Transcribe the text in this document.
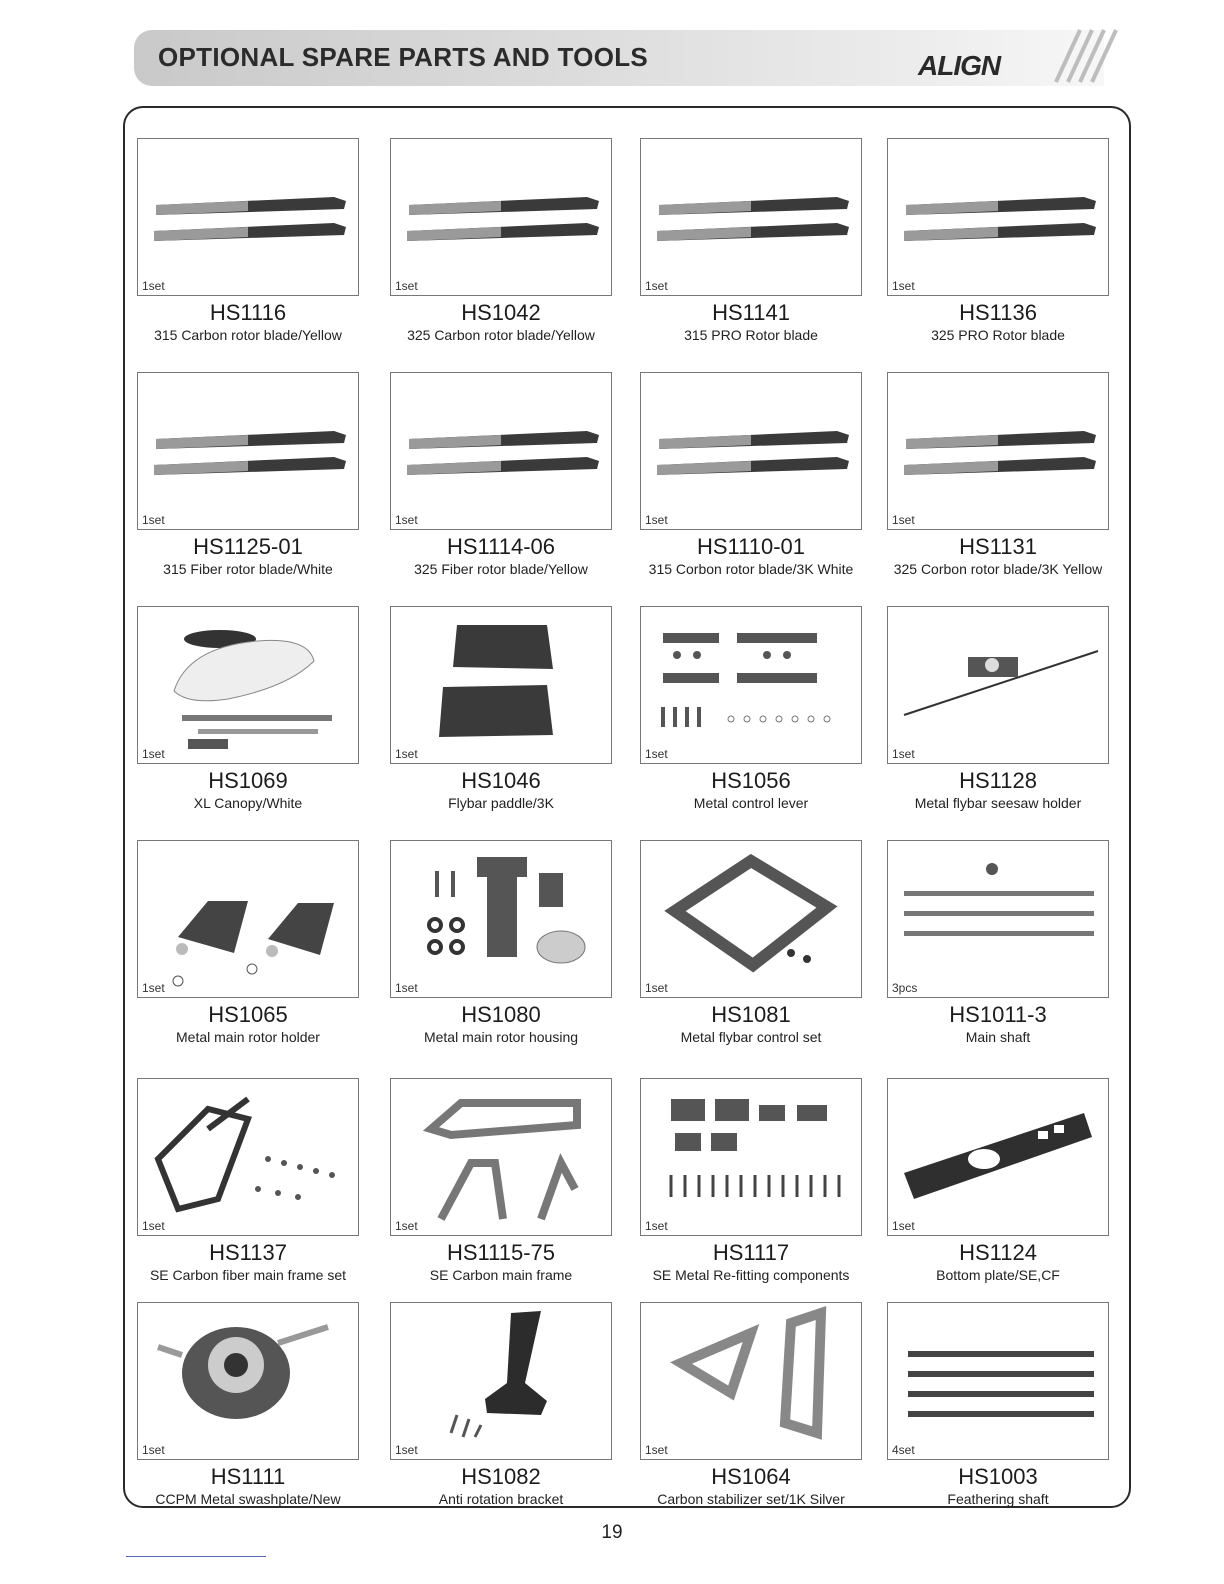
OPTIONAL SPARE PARTS AND TOOLS	ALIGN
1set
HS1116
315 Carbon rotor blade/Yellow
1set
HS1042
325 Carbon rotor blade/Yellow
1set
HS1141
315 PRO Rotor blade
1set
HS1136
325 PRO Rotor blade
1set
HS1125-01
315 Fiber rotor blade/White
1set
HS1114-06
325 Fiber rotor blade/Yellow
1set
HS1110-01
315 Corbon rotor blade/3K White
1set
HS1131
325 Corbon rotor blade/3K Yellow
1set
HS1069
XL Canopy/White
1set
HS1046
Flybar paddle/3K
1set
HS1056
Metal control lever
1set
HS1128
Metal flybar seesaw holder
1set
HS1065
Metal main rotor holder
1set
HS1080
Metal main rotor housing
1set
HS1081
Metal flybar control set
3pcs
HS1011-3
Main shaft
1set
HS1137
SE Carbon fiber main frame set
1set
HS1115-75
SE Carbon main frame
1set
HS1117
SE Metal Re-fitting components
1set
HS1124
Bottom plate/SE,CF
1set
HS1111
CCPM Metal swashplate/New
1set
HS1082
Anti rotation bracket
1set
HS1064
Carbon stabilizer set/1K Silver
4set
HS1003
Feathering shaft
19
